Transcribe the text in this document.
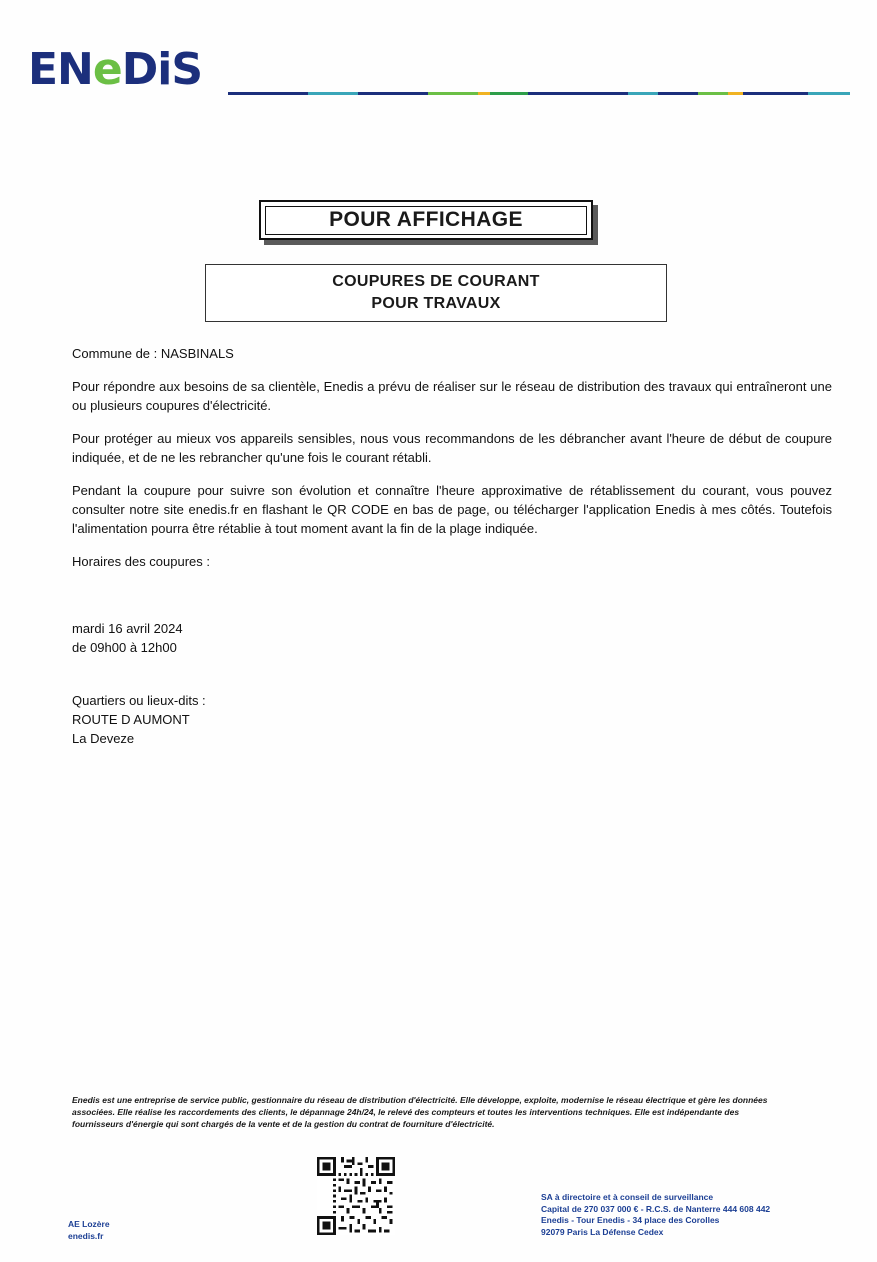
ENeDiS
POUR AFFICHAGE
COUPURES DE COURANT
POUR TRAVAUX

Commune de : NASBINALS

Pour répondre aux besoins de sa clientèle, Enedis a prévu de réaliser sur le réseau de distribution des travaux qui entraîneront une ou plusieurs coupures d'électricité.

Pour protéger au mieux vos appareils sensibles, nous vous recommandons de les débrancher avant l'heure de début de coupure indiquée, et de ne les rebrancher qu'une fois le courant rétabli.

Pendant la coupure pour suivre son évolution et connaître l'heure approximative de rétablissement du courant, vous pouvez consulter notre site enedis.fr en flashant le QR CODE en bas de page, ou télécharger l'application Enedis à mes côtés. Toutefois l'alimentation pourra être rétablie à tout moment avant la fin de la plage indiquée.

Horaires des coupures :

mardi 16 avril 2024

de 09h00 à 12h00

Quartiers ou lieux-dits :

ROUTE D AUMONT

La Deveze

Enedis est une entreprise de service public, gestionnaire du réseau de distribution d'électricité. Elle développe, exploite, modernise le réseau électrique et gère les données
associées. Elle réalise les raccordements des clients, le dépannage 24h/24, le relevé des compteurs et toutes les interventions techniques. Elle est indépendante des
fournisseurs d'énergie qui sont chargés de la vente et de la gestion du contrat de fourniture d'électricité.
SA à directoire et à conseil de surveillance
Capital de 270 037 000 € - R.C.S. de Nanterre 444 608 442
Enedis - Tour Enedis - 34 place des Corolles
92079 Paris La Défense Cedex
AE Lozère
enedis.fr
